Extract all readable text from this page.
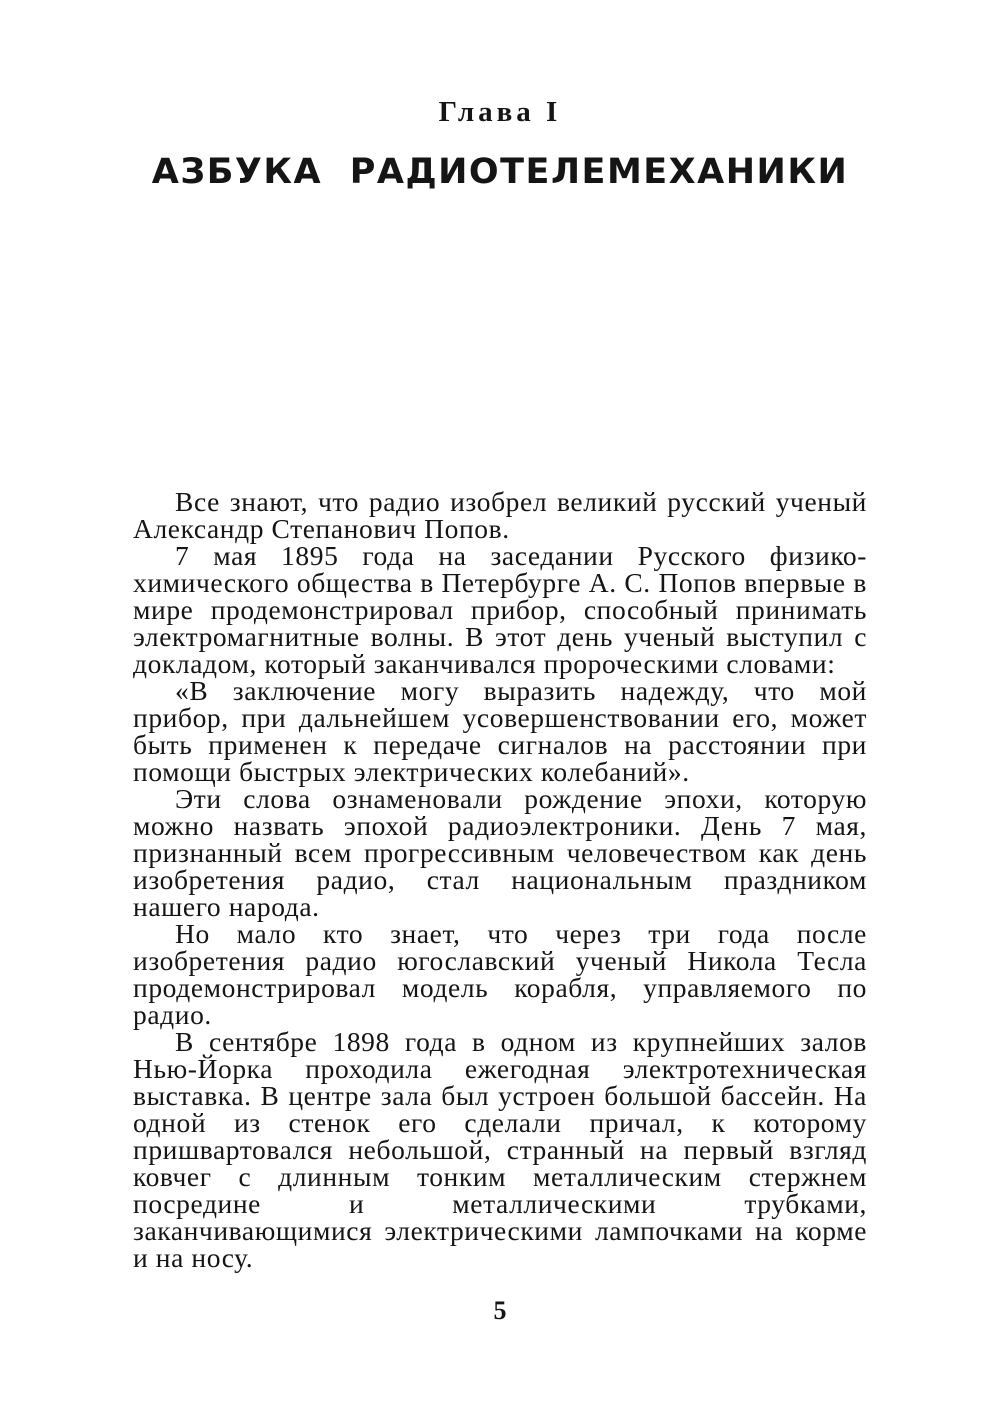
Глава I
АЗБУКА РАДИОТЕЛЕМЕХАНИКИ

Все знают, что радио изобрел великий русский ученый Александр Степанович Попов.

7 мая 1895 года на заседании Русского физико-химического общества в Петербурге А. С. Попов впервые в мире продемонстрировал прибор, способный принимать электромагнитные волны. В этот день ученый выступил с докладом, который заканчивался пророческими словами:

«В заключение могу выразить надежду, что мой прибор, при дальнейшем усовершенствовании его, может быть применен к передаче сигналов на расстоянии при помощи быстрых электрических колебаний».

Эти слова ознаменовали рождение эпохи, которую можно назвать эпохой радиоэлектроники. День 7 мая, признанный всем прогрессивным человечеством как день изобретения радио, стал национальным праздником нашего народа.

Но мало кто знает, что через три года после изобретения радио югославский ученый Никола Тесла продемонстрировал модель корабля, управляемого по радио.

В сентябре 1898 года в одном из крупнейших залов Нью-Йорка проходила ежегодная электротехническая выставка. В центре зала был устроен большой бассейн. На одной из стенок его сделали причал, к которому пришвартовался небольшой, странный на первый взгляд ковчег с длинным тонким металлическим стержнем посредине и металлическими трубками, заканчивающимися электрическими лампочками на корме и на носу.

5
